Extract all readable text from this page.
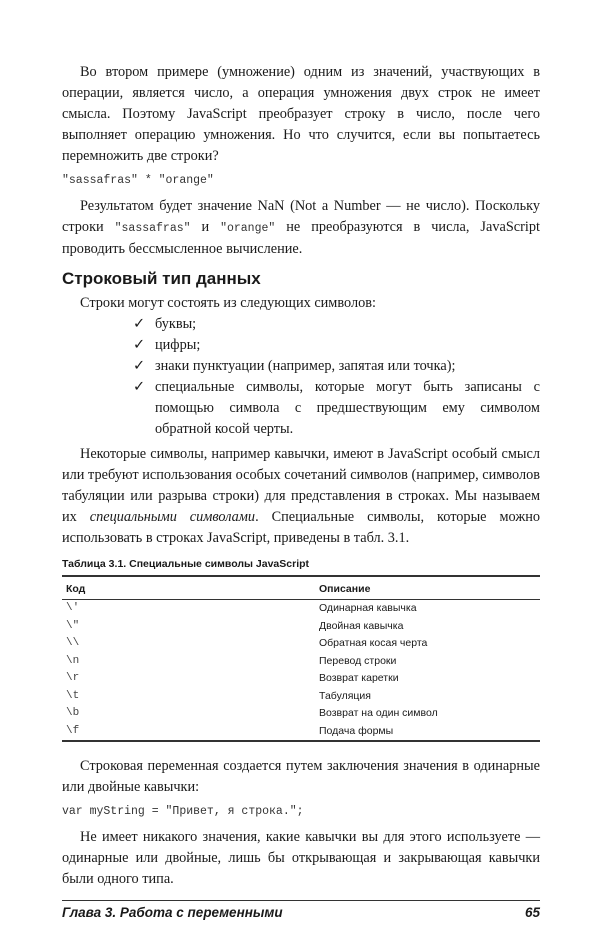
Во втором примере (умножение) одним из значений, участвующих в операции, является число, а операция умножения двух строк не имеет смысла. Поэтому JavaScript преобразует строку в число, после чего выполняет операцию умножения. Но что случится, если вы попытаетесь перемножить две строки?

"sassafras" * "orange"

Результатом будет значение NaN (Not a Number — не число). Поскольку строки "sassafras" и "orange" не преобразуются в числа, JavaScript проводить бессмысленное вычисление.

Строковый тип данных

Строки могут состоять из следующих символов:

✓ буквы;
✓ цифры;
✓ знаки пунктуации (например, запятая или точка);
✓ специальные символы, которые могут быть записаны с помощью символа с предшествующим ему символом обратной косой черты.

Некоторые символы, например кавычки, имеют в JavaScript особый смысл или требуют использования особых сочетаний символов (например, символов табуляции или разрыва строки) для представления в строках. Мы называем их специальными символами. Специальные символы, которые можно использовать в строках JavaScript, приведены в табл. 3.1.

Таблица 3.1. Специальные символы JavaScript
Код	Описание
\'	Одинарная кавычка
\"	Двойная кавычка
\\	Обратная косая черта
\n	Перевод строки
\r	Возврат каретки
\t	Табуляция
\b	Возврат на один символ
\f	Подача формы

Строковая переменная создается путем заключения значения в одинарные или двойные кавычки:

var myString = "Привет, я строка.";

Не имеет никакого значения, какие кавычки вы для этого используете — одинарные или двойные, лишь бы открывающая и закрывающая кавычки были одного типа.

Глава 3. Работа с переменными	65
